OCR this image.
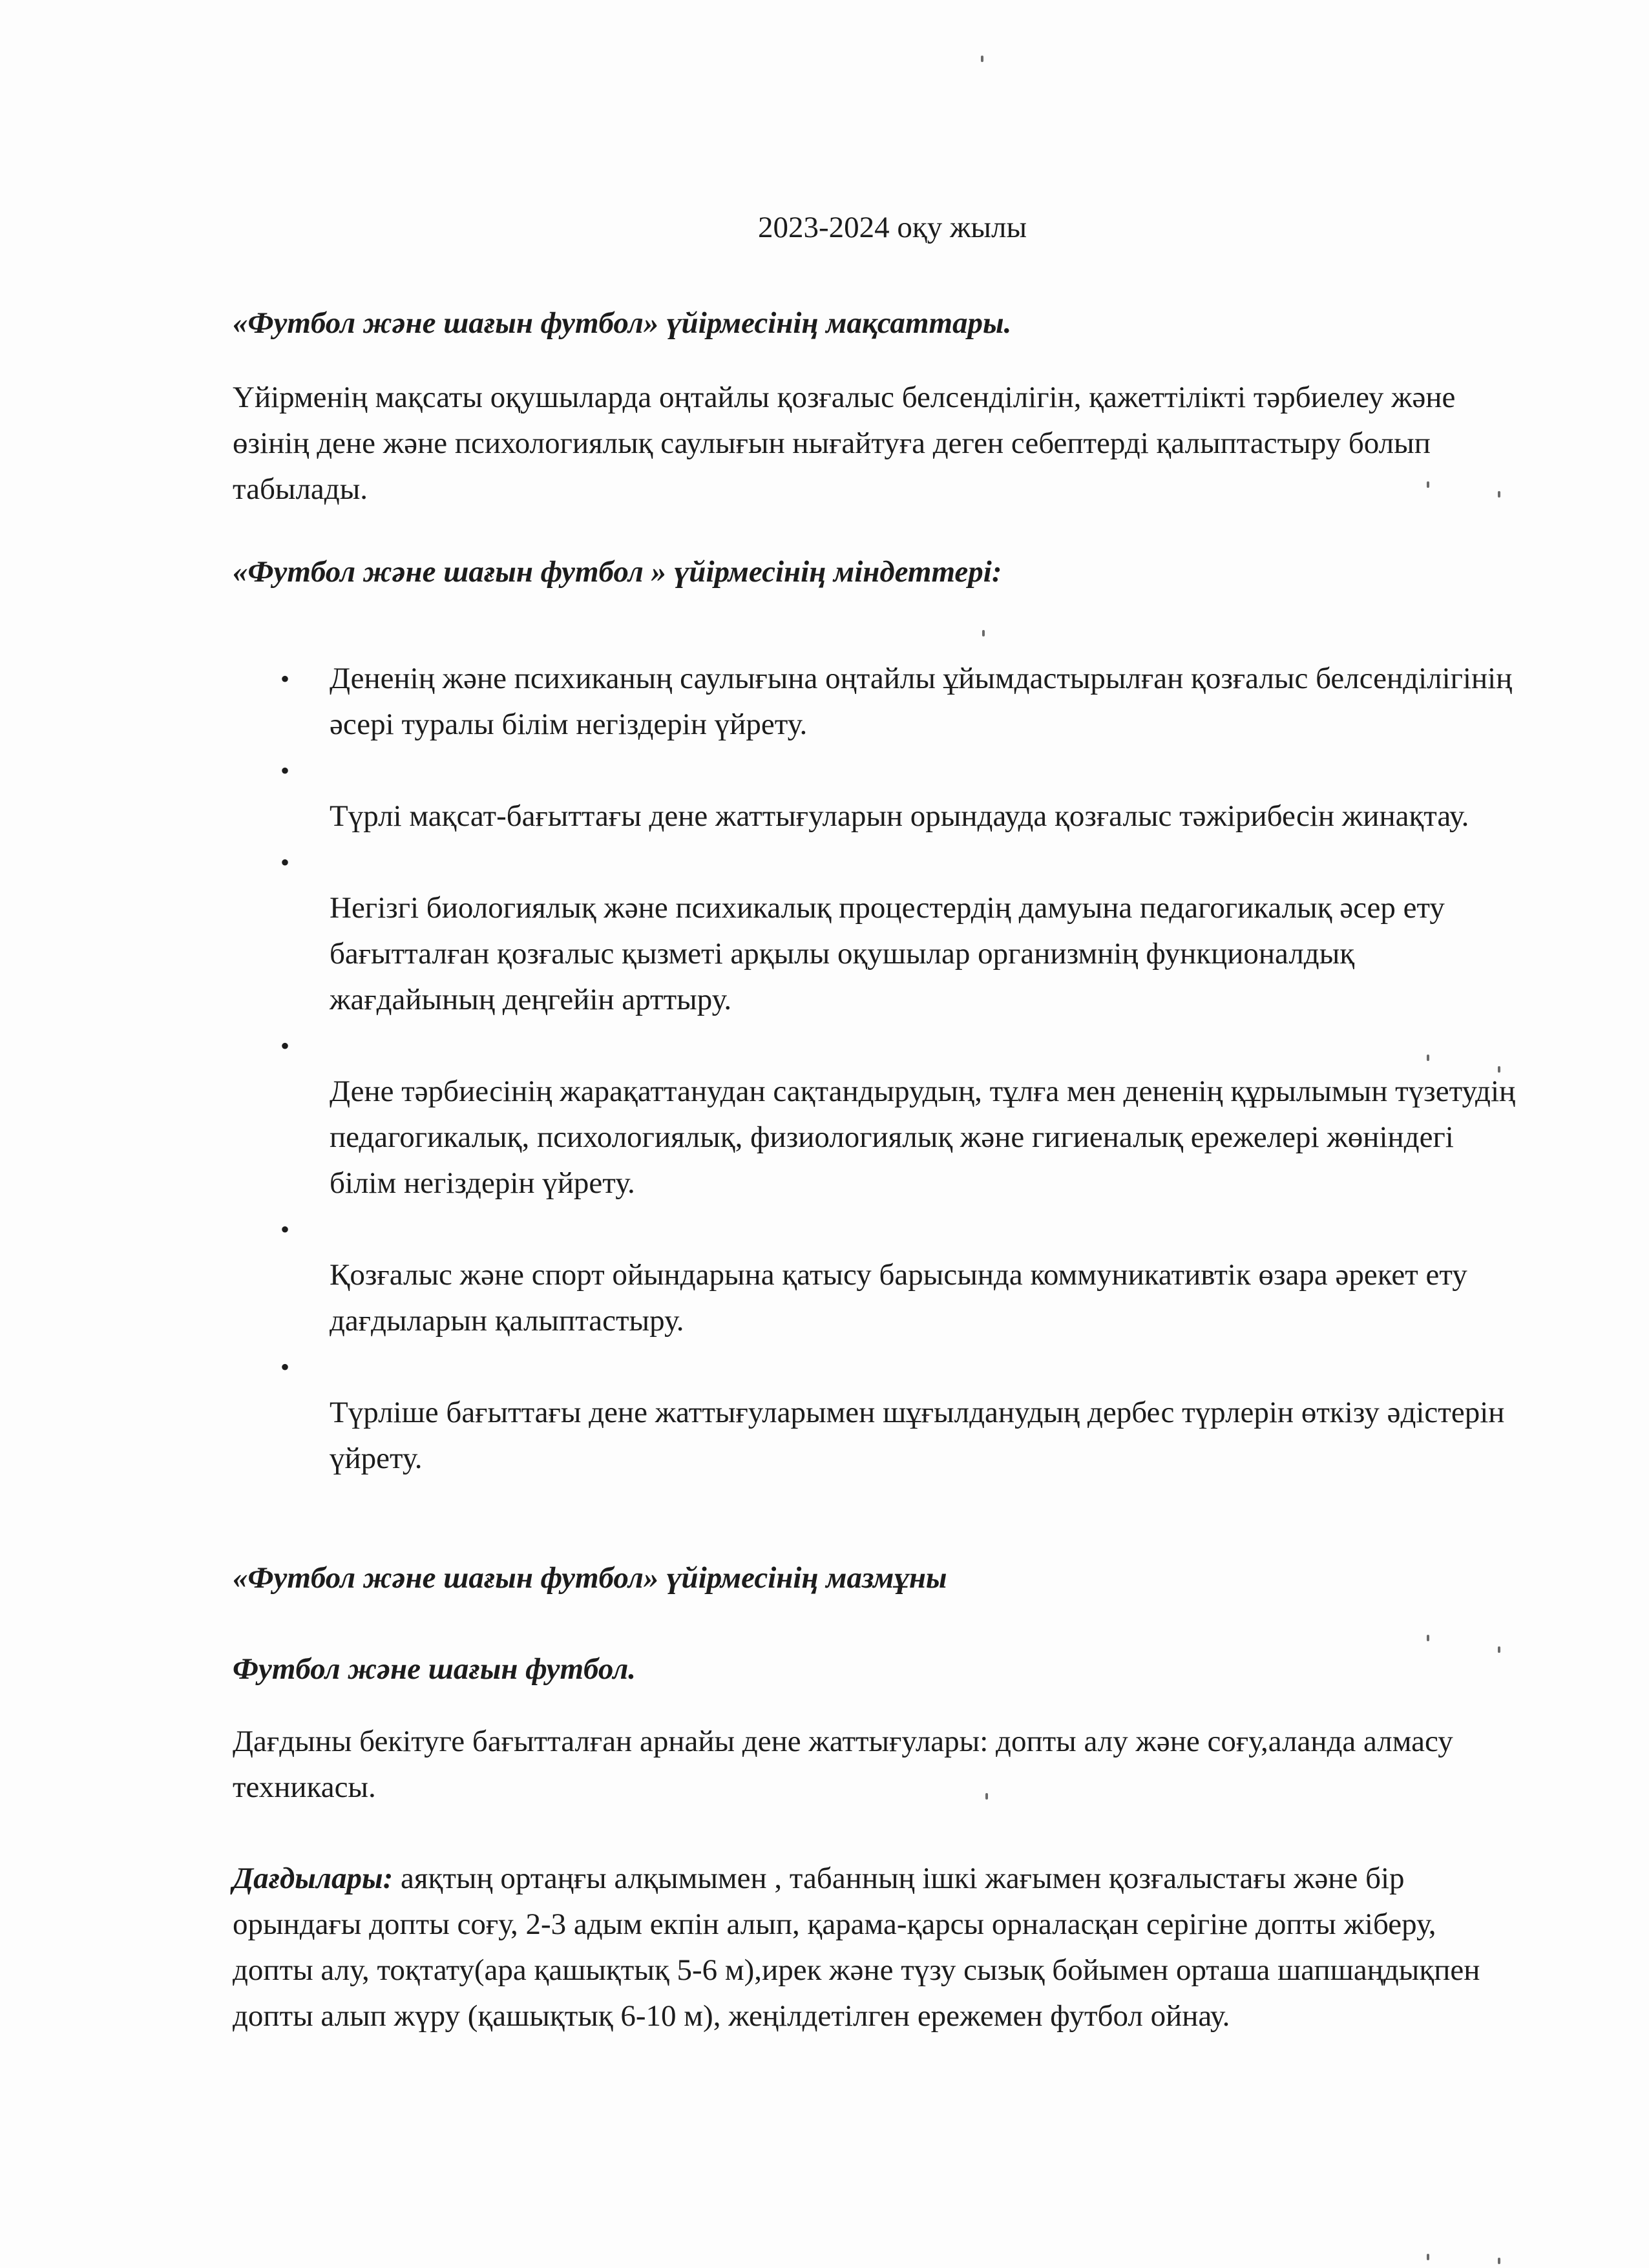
2023-2024 оқу жылы
«Футбол және шағын футбол» үйірмесінің мақсаттары.
Үйірменің мақсаты оқушыларда оңтайлы қозғалыс белсенділігін, қажеттілікті тәрбиелеу және өзінің дене және психологиялық саулығын нығайтуға деген себептерді қалыптастыру болып табылады.
«Футбол және шағын футбол » үйірмесінің міндеттері:
• Дененің және психиканың саулығына оңтайлы ұйымдастырылған қозғалыс белсенділігінің әсері туралы білім негіздерін үйрету.
•
Түрлі мақсат-бағыттағы дене жаттығуларын орындауда қозғалыс тәжірибесін жинақтау.
•
Негізгі биологиялық және психикалық процестердің дамуына педагогикалық әсер ету бағытталған қозғалыс қызметі арқылы оқушылар организмнің функционалдық жағдайының деңгейін арттыру.
•
Дене тәрбиесінің жарақаттанудан сақтандырудың, тұлға мен дененің құрылымын түзетудің педагогикалық, психологиялық, физиологиялық және гигиеналық ережелері жөніндегі білім негіздерін үйрету.
•
Қозғалыс және спорт ойындарына қатысу барысында коммуникативтік өзара әрекет ету дағдыларын қалыптастыру.
•
Түрліше бағыттағы дене жаттығуларымен шұғылданудың дербес түрлерін өткізу әдістерін үйрету.
«Футбол және шағын футбол» үйірмесінің мазмұны
Футбол және шағын футбол.
Дағдыны бекітуге бағытталған арнайы дене жаттығулары: допты алу және соғу,аланда алмасу техникасы.
Дағдылары: аяқтың ортаңғы алқымымен , табанның ішкі жағымен қозғалыстағы және бір орындағы допты соғу, 2-3 адым екпін алып, қарама-қарсы орналасқан серігіне допты жіберу, допты алу, тоқтату(ара қашықтық 5-6 м),ирек және түзу сызық бойымен орташа шапшаңдықпен допты алып жүру (қашықтық 6-10 м), жеңілдетілген ережемен футбол ойнау.
